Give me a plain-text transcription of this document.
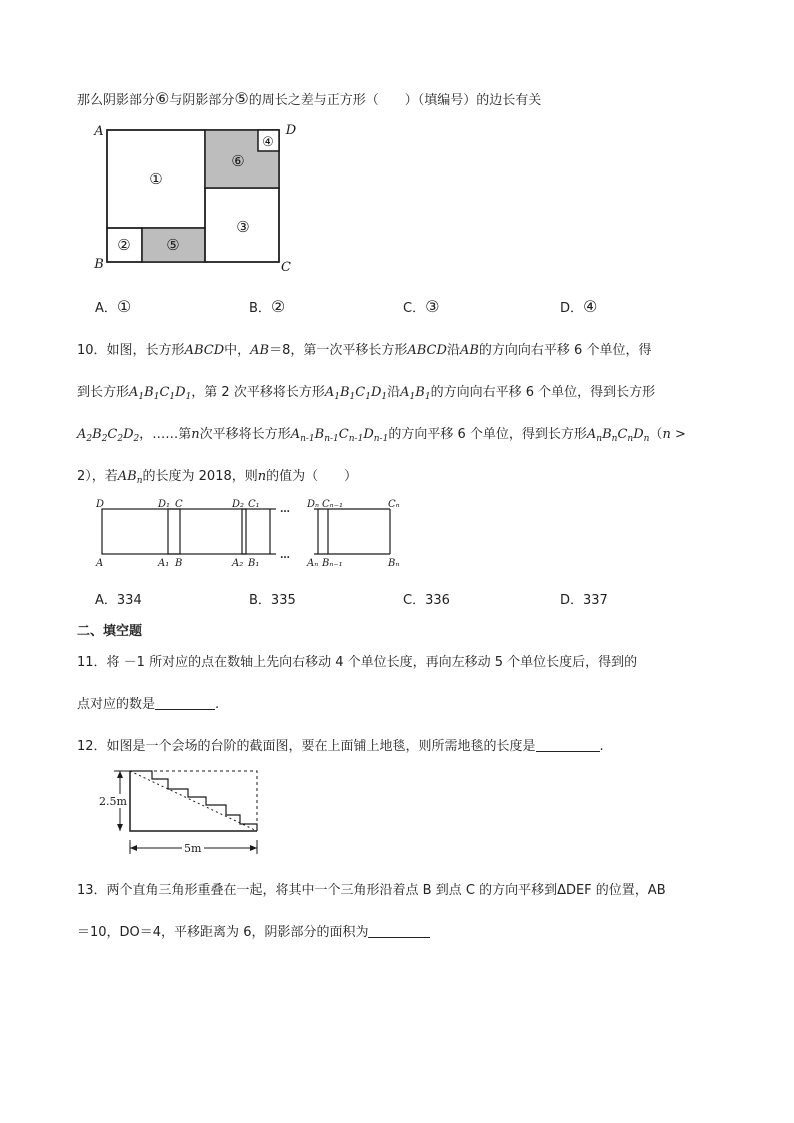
那么阴影部分⑥与阴影部分⑤的周长之差与正方形（ ）（填编号）的边长有关
①
②
③
④
⑤
⑥
A
B	C
D
A．①	B．②	C．③	D．④
10．如图，长方形ABCD中，AB＝8，第一次平移长方形ABCD沿AB的方向向右平移 6 个单位，得
到长方形$A_1B_1C_1D_1$，第 2 次平移将长方形$A_1B_1C_1D_1$沿$A_1B_1$的方向向右平移 6 个单位，得到长方形
$A_2B_2C_2D_2$，……第n次平移将长方形$A_{n-1}B_{n-1}C_{n-1}D_{n-1}$的方向平移 6 个单位，得到长方形$A_nB_nC_nD_n(n$ >
2），若$AB_n$的长度为 2018，则n的值为（　　）
D	D₁ C	D₂ C₁ … Dₙ Cₙ₋₁	Cₙ
A	A₁ B	A₂ B₁
…
Aₙ Bₙ₋₁	Bₙ
A．334	B．335	C．336	D．337
二、填空题
11．将 －1 所对应的点在数轴上先向右移动 4 个单位长度，再向左移动 5 个单位长度后，得到的
点对应的数是	.
12．如图是一个会场的台阶的截面图，要在上面铺上地毯，则所需地毯的长度是	.
2.5m
5m
13．两个直角三角形重叠在一起，将其中一个三角形沿着点 B 到点 C 的方向平移到ΔDEF 的位置，AB
＝10，DO＝4，平移距离为 6，阴影部分的面积为
